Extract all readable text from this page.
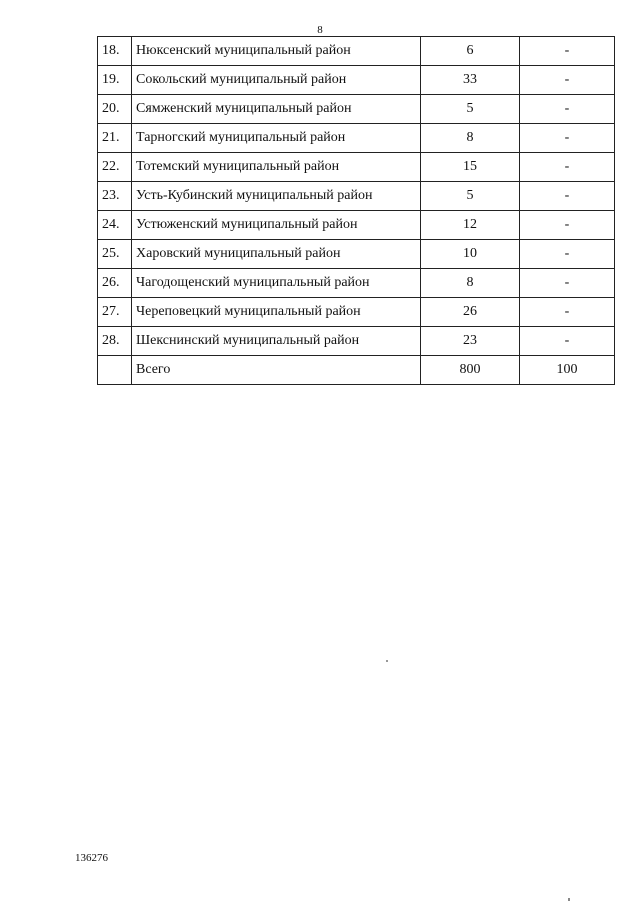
8
18.	Нюксенский муниципальный район	6	-
19.	Сокольский муниципальный район	33	-
20.	Сямженский муниципальный район	5	-
21.	Тарногский муниципальный район	8	-
22.	Тотемский муниципальный район	15	-
23.	Усть-Кубинский муниципальный район	5	-
24.	Устюженский муниципальный район	12	-
25.	Харовский муниципальный район	10	-
26.	Чагодощенский муниципальный район	8	-
27.	Череповецкий муниципальный район	26	-
28.	Шекснинский муниципальный район	23	-
	Всего	800	100
136276
